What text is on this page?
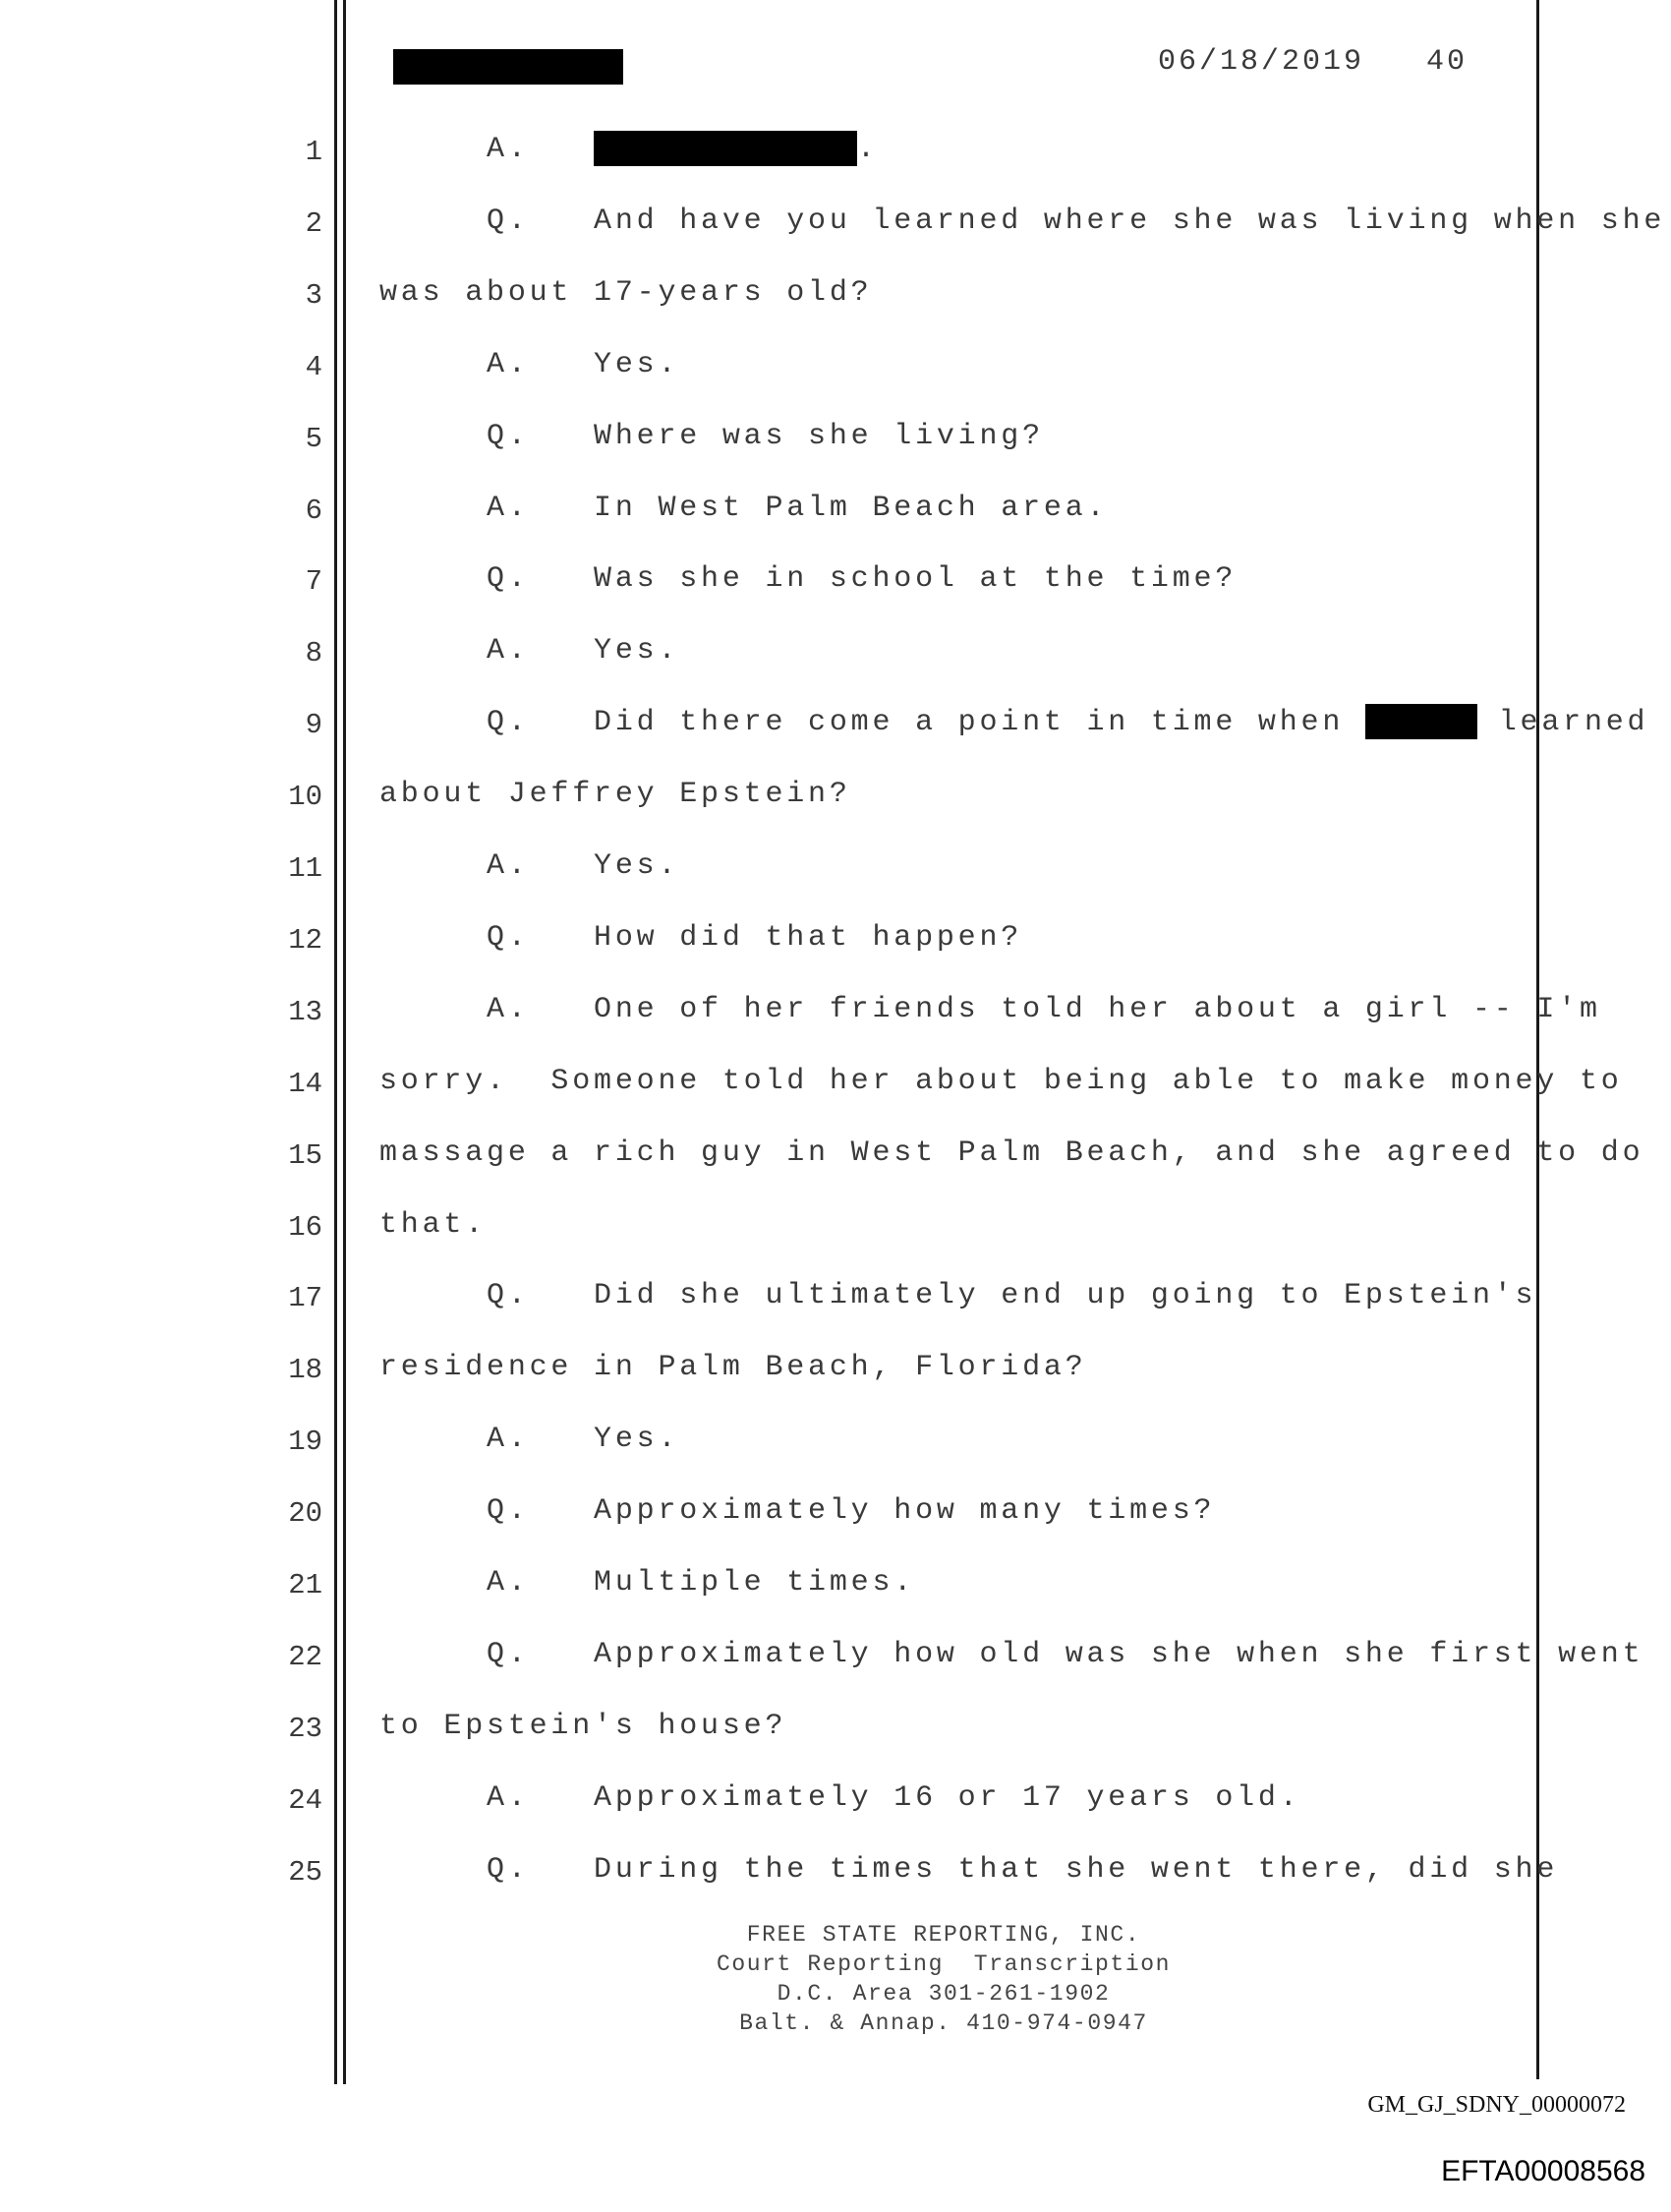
06/18/2019   40
1 A.	.
2 Q.   And have you learned where she was living when she
3 was about 17-years old?
4 A.   Yes.
5 Q.   Where was she living?
6 A.   In West Palm Beach area.
7 Q.   Was she in school at the time?
8 A.   Yes.
9 Q.   Did there come a point in time when	learned
10 about Jeffrey Epstein?
11 A.   Yes.
12 Q.   How did that happen?
13 A.   One of her friends told her about a girl -- I'm
14 sorry.  Someone told her about being able to make money to
15 massage a rich guy in West Palm Beach, and she agreed to do
16 that.
17 Q.   Did she ultimately end up going to Epstein's
18 residence in Palm Beach, Florida?
19 A.   Yes.
20 Q.   Approximately how many times?
21 A.   Multiple times.
22 Q.   Approximately how old was she when she first went
23 to Epstein's house?
24 A.   Approximately 16 or 17 years old.
25 Q.   During the times that she went there, did she
FREE STATE REPORTING, INC.
Court Reporting  Transcription
D.C. Area 301-261-1902
Balt. & Annap. 410-974-0947
GM_GJ_SDNY_00000072
EFTA00008568
